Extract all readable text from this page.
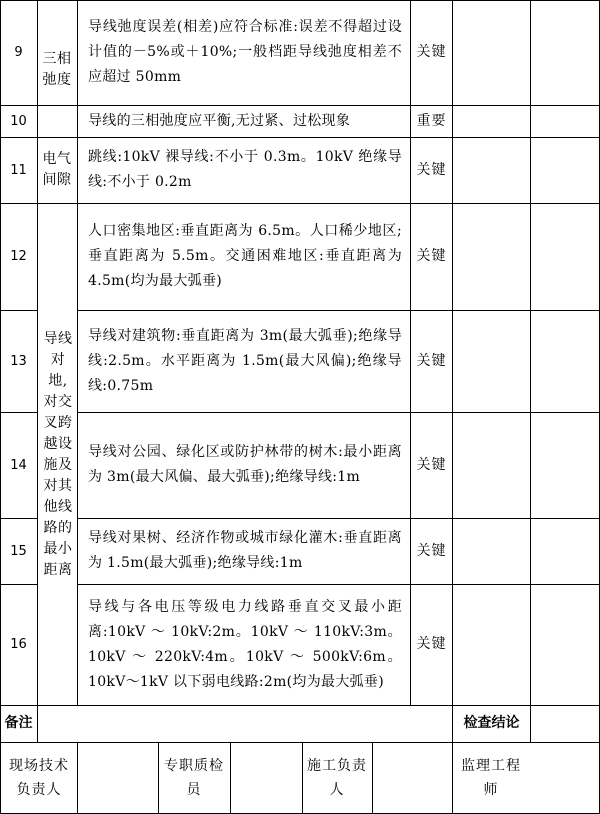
9
10
11
12
13
14
15
16
三相弛度
电气间隙
导线对地,对交叉跨越设施及对其他线路的最小距离
导线弛度误差(相差)应符合标准:误差不得超过设计值的－5%或＋10%;一般档距导线弛度相差不应超过 50mm
导线的三相弛度应平衡,无过紧、过松现象
跳线:10kV 裸导线:不小于 0.3m。10kV 绝缘导线:不小于 0.2m
人口密集地区:垂直距离为 6.5m。人口稀少地区;垂直距离为 5.5m。交通困难地区:垂直距离为 4.5m(均为最大弧垂)
导线对建筑物:垂直距离为 3m(最大弧垂);绝缘导线:2.5m。水平距离为 1.5m(最大风偏);绝缘导线:0.75m
导线对公园、绿化区或防护林带的树木:最小距离为 3m(最大风偏、最大弧垂);绝缘导线:1m
导线对果树、经济作物或城市绿化灌木:垂直距离为 1.5m(最大弧垂);绝缘导线:1m
导线与各电压等级电力线路垂直交叉最小距离:10kV ～ 10kV:2m。10kV ～ 110kV:3m。10kV ～ 220kV:4m。10kV ～ 500kV:6m。10kV～1kV 以下弱电线路:2m(均为最大弧垂)
关键
重要
关键
关键
关键
关键
关键
关键
备注	检查结论
现场技术负责人
专职质检员
施工负责人
监理工程师
